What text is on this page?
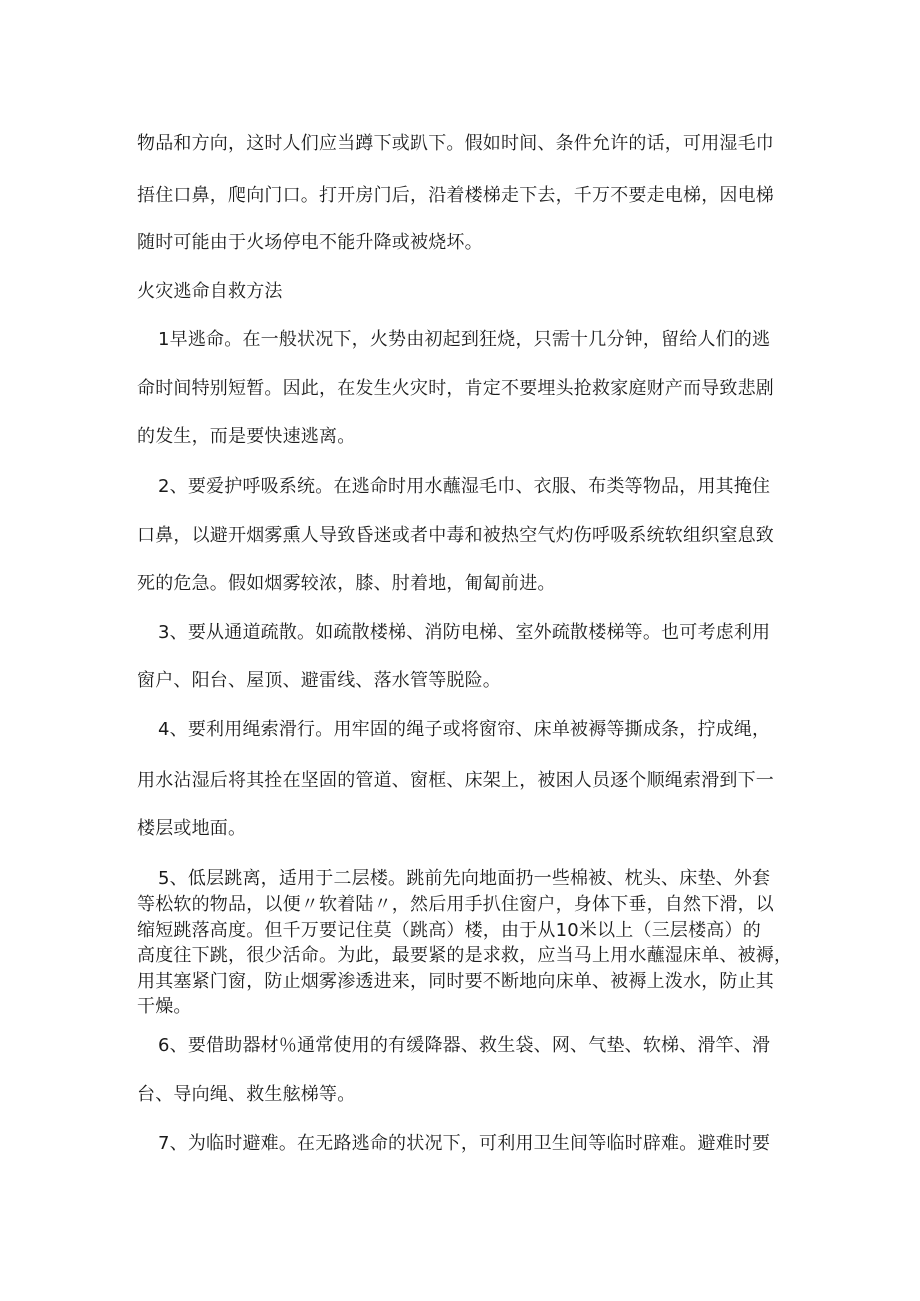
物品和方向，这时人们应当蹲下或趴下。假如时间、条件允许的话，可用湿毛巾
捂住口鼻，爬向门口。打开房门后，沿着楼梯走下去，千万不要走电梯，因电梯
随时可能由于火场停电不能升降或被烧坏。
火灾逃命自救方法
1早逃命。在一般状况下，火势由初起到狂烧，只需十几分钟，留给人们的逃
命时间特别短暂。因此，在发生火灾时，肯定不要埋头抢救家庭财产而导致悲剧
的发生，而是要快速逃离。
2、要爱护呼吸系统。在逃命时用水蘸湿毛巾、衣服、布类等物品，用其掩住
口鼻，以避开烟雾熏人导致昏迷或者中毒和被热空气灼伤呼吸系统软组织窒息致
死的危急。假如烟雾较浓，膝、肘着地，匍匐前进。
3、要从通道疏散。如疏散楼梯、消防电梯、室外疏散楼梯等。也可考虑利用
窗户、阳台、屋顶、避雷线、落水管等脱险。
4、要利用绳索滑行。用牢固的绳子或将窗帘、床单被褥等撕成条，拧成绳，
用水沾湿后将其拴在坚固的管道、窗框、床架上，被困人员逐个顺绳索滑到下一
楼层或地面。
5、低层跳离，适用于二层楼。跳前先向地面扔一些棉被、枕头、床垫、外套
等松软的物品，以便〃软着陆〃，然后用手扒住窗户，身体下垂，自然下滑，以
缩短跳落高度。但千万要记住莫（跳高）楼，由于从10米以上（三层楼高）的
高度往下跳，很少活命。为此，最要紧的是求救，应当马上用水蘸湿床单、被褥，
用其塞紧门窗，防止烟雾渗透进来，同时要不断地向床单、被褥上泼水，防止其
干燥。
6、要借助器材％通常使用的有缓降器、救生袋、网、气垫、软梯、滑竿、滑
台、导向绳、救生舷梯等。
7、为临时避难。在无路逃命的状况下，可利用卫生间等临时辟难。避难时要
